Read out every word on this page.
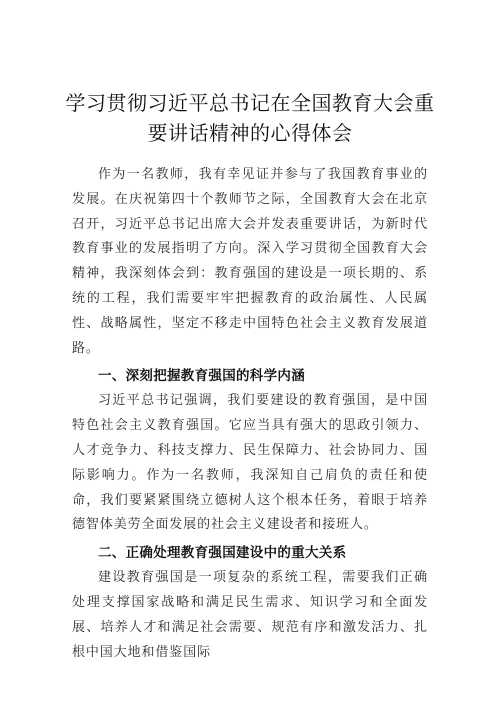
学习贯彻习近平总书记在全国教育大会重
要讲话精神的心得体会

作为一名教师，我有幸见证并参与了我国教育事业的发展。在庆祝第四十个教师节之际，全国教育大会在北京召开，习近平总书记出席大会并发表重要讲话，为新时代教育事业的发展指明了方向。深入学习贯彻全国教育大会精神，我深刻体会到：教育强国的建设是一项长期的、系统的工程，我们需要牢牢把握教育的政治属性、人民属性、战略属性，坚定不移走中国特色社会主义教育发展道路。

一、深刻把握教育强国的科学内涵

习近平总书记强调，我们要建设的教育强国，是中国特色社会主义教育强国。它应当具有强大的思政引领力、人才竞争力、科技支撑力、民生保障力、社会协同力、国际影响力。作为一名教师，我深知自己肩负的责任和使命，我们要紧紧围绕立德树人这个根本任务，着眼于培养德智体美劳全面发展的社会主义建设者和接班人。

二、正确处理教育强国建设中的重大关系

建设教育强国是一项复杂的系统工程，需要我们正确处理支撑国家战略和满足民生需求、知识学习和全面发展、培养人才和满足社会需要、规范有序和激发活力、扎根中国大地和借鉴国际
